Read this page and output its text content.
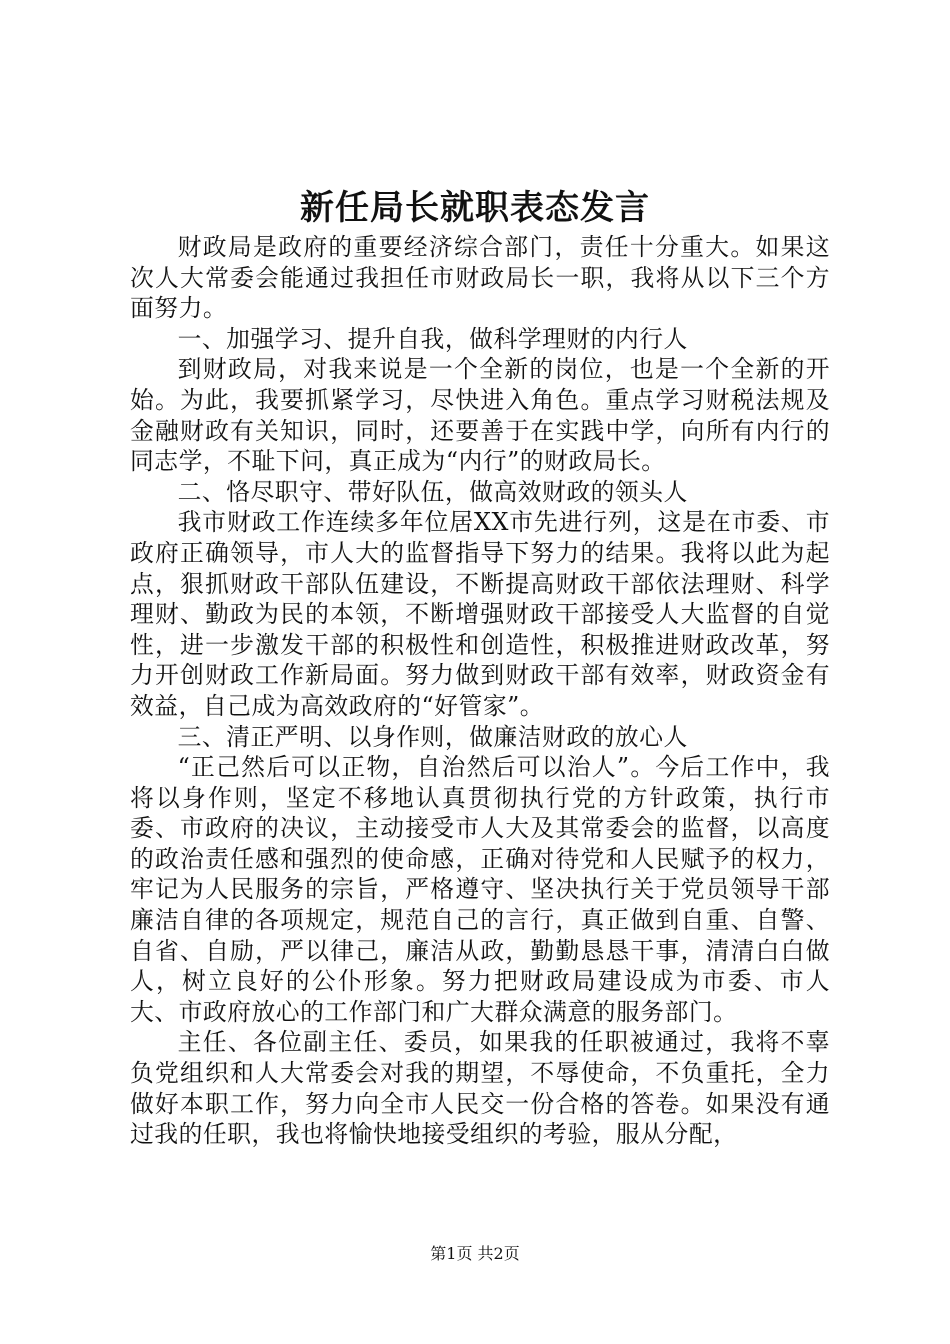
新任局长就职表态发言

财政局是政府的重要经济综合部门，责任十分重大。如果这次人大常委会能通过我担任市财政局长一职，我将从以下三个方面努力。

一、加强学习、提升自我，做科学理财的内行人

到财政局，对我来说是一个全新的岗位，也是一个全新的开始。为此，我要抓紧学习，尽快进入角色。重点学习财税法规及金融财政有关知识，同时，还要善于在实践中学，向所有内行的同志学，不耻下问，真正成为“内行”的财政局长。

二、恪尽职守、带好队伍，做高效财政的领头人

我市财政工作连续多年位居XX市先进行列，这是在市委、市政府正确领导，市人大的监督指导下努力的结果。我将以此为起点，狠抓财政干部队伍建设，不断提高财政干部依法理财、科学理财、勤政为民的本领，不断增强财政干部接受人大监督的自觉性，进一步激发干部的积极性和创造性，积极推进财政改革，努力开创财政工作新局面。努力做到财政干部有效率，财政资金有效益，自己成为高效政府的“好管家”。

三、清正严明、以身作则，做廉洁财政的放心人

“正己然后可以正物，自治然后可以治人”。今后工作中，我将以身作则，坚定不移地认真贯彻执行党的方针政策，执行市委、市政府的决议，主动接受市人大及其常委会的监督，以高度的政治责任感和强烈的使命感，正确对待党和人民赋予的权力，牢记为人民服务的宗旨，严格遵守、坚决执行关于党员领导干部廉洁自律的各项规定，规范自己的言行，真正做到自重、自警、自省、自励，严以律己，廉洁从政，勤勤恳恳干事，清清白白做人，树立良好的公仆形象。努力把财政局建设成为市委、市人大、市政府放心的工作部门和广大群众满意的服务部门。

主任、各位副主任、委员，如果我的任职被通过，我将不辜负党组织和人大常委会对我的期望，不辱使命，不负重托，全力做好本职工作，努力向全市人民交一份合格的答卷。如果没有通过我的任职，我也将愉快地接受组织的考验，服从分配，

第1页 共2页
